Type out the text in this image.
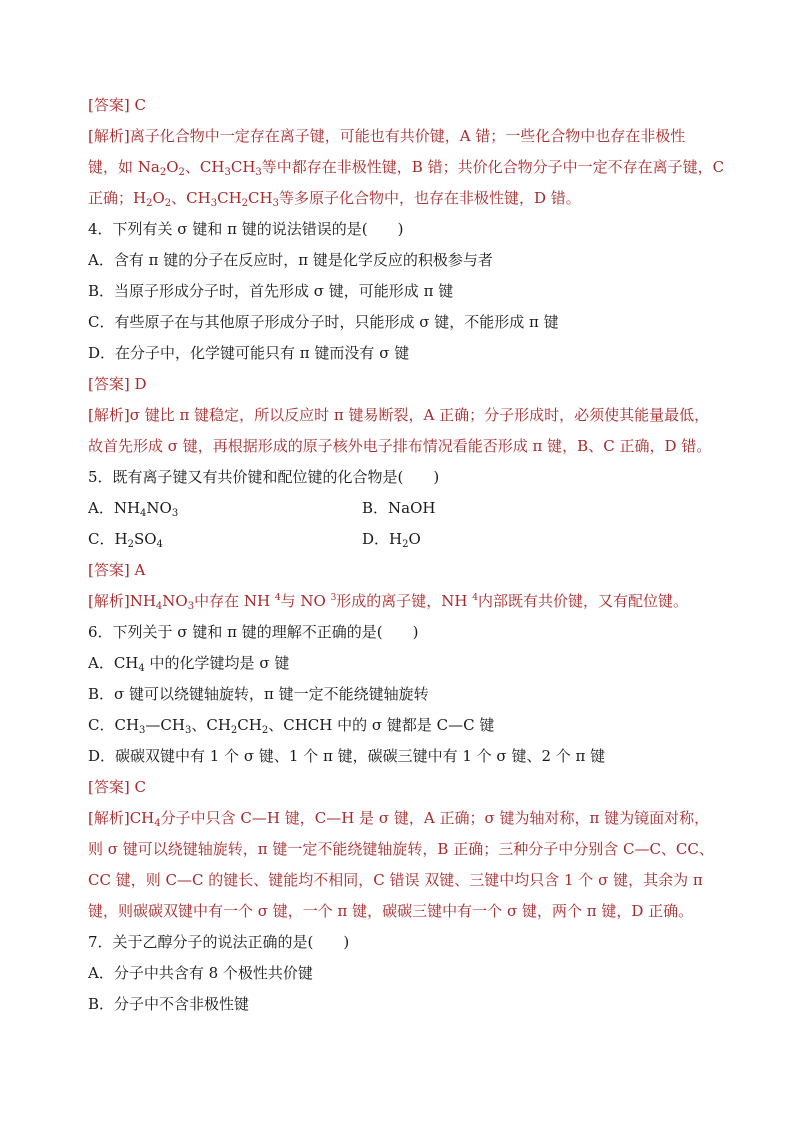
[答案] C
[解析]离子化合物中一定存在离子键，可能也有共价键，A 错；一些化合物中也存在非极性
键，如 $Na_2O_2$、$CH_3CH_3$等中都存在非极性键，B 错；共价化合物分子中一定不存在离子键，C
正确；$H_2O_2$、$CH_3CH_2CH_3$等多原子化合物中，也存在非极性键，D 错。
4．下列有关 σ 键和 π 键的说法错误的是(　　)
A．含有 π 键的分子在反应时，π 键是化学反应的积极参与者
B．当原子形成分子时，首先形成 σ 键，可能形成 π 键
C．有些原子在与其他原子形成分子时，只能形成 σ 键，不能形成 π 键
D．在分子中，化学键可能只有 π 键而没有 σ 键
[答案] D
[解析]σ 键比 π 键稳定，所以反应时 π 键易断裂，A 正确；分子形成时，必须使其能量最低，
故首先形成 σ 键，再根据形成的原子核外电子排布情况看能否形成 π 键，B、C 正确，D 错。
5．既有离子键又有共价键和配位键的化合物是(　　)
A．$NH_4NO_3$	B．NaOH
C．$H_2SO_4$	D．$H_2O$
[答案] A
[解析]$NH_4NO_3$中存在 NH $^4$与 NO $^3$形成的离子键，NH $^4$内部既有共价键，又有配位键。
6．下列关于 σ 键和 π 键的理解不正确的是(　　)
A．$CH_4$ 中的化学键均是 σ 键
B．σ 键可以绕键轴旋转，π 键一定不能绕键轴旋转
C．$CH_3—CH_3$、$CH_2CH_2$、CHCH 中的 σ 键都是 C—C 键
D．碳碳双键中有 1 个 σ 键、1 个 π 键，碳碳三键中有 1 个 σ 键、2 个 π 键
[答案] C
[解析]$CH_4$分子中只含 C—H 键，C—H 是 σ 键，A 正确；σ 键为轴对称，π 键为镜面对称，
则 σ 键可以绕键轴旋转，π 键一定不能绕键轴旋转，B 正确；三种分子中分别含 C—C、CC、
CC 键，则 C—C 的键长、键能均不相同，C 错误 双键、三键中均只含 1 个 σ 键，其余为 π
键，则碳碳双键中有一个 σ 键，一个 π 键，碳碳三键中有一个 σ 键，两个 π 键，D 正确。
7．关于乙醇分子的说法正确的是(　　)
A．分子中共含有 8 个极性共价键
B．分子中不含非极性键
